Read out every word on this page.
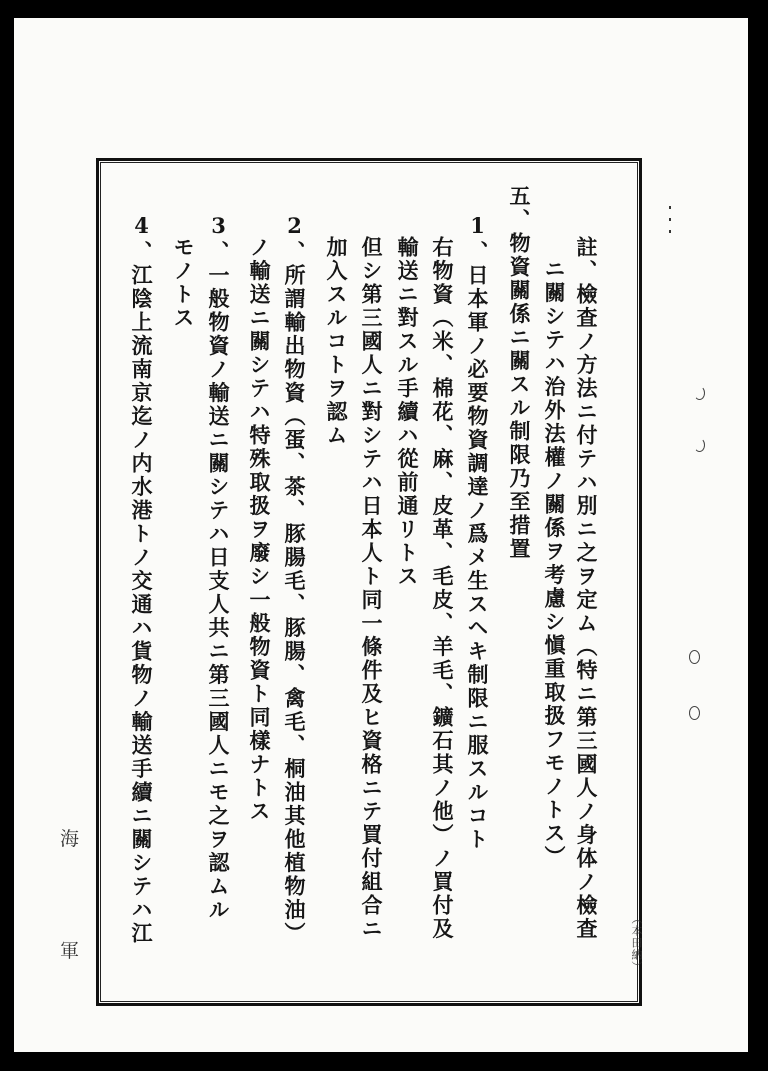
註、檢査ノ方法ニ付テハ別ニ之ヲ定ム（特ニ第三國人ノ身体ノ檢査
ニ關シテハ治外法權ノ關係ヲ考慮シ愼重取扱フモノトス）
五、物資關係ニ關スル制限乃至措置
1、日本軍ノ必要物資調達ノ爲メ生スヘキ制限ニ服スルコト
右物資（米、棉花、麻、皮革、毛皮、羊毛、鑛石其ノ他）ノ買付及
輸送ニ對スル手續ハ從前通リトス
但シ第三國人ニ對シテハ日本人ト同一條件及ヒ資格ニテ買付組合ニ
加入スルコトヲ認ム
2、所謂輸出物資（蛋、茶、豚腸毛、豚腸、禽毛、桐油其他植物油）
ノ輸送ニ關シテハ特殊取扱ヲ廢シ一般物資ト同樣ナトス
3、一般物資ノ輸送ニ關シテハ日支人共ニ第三國人ニモ之ヲ認ムル
モノトス
4、江陰上流南京迄ノ内水港トノ交通ハ貨物ノ輸送手續ニ關シテハ江
海
軍	（本田納）
